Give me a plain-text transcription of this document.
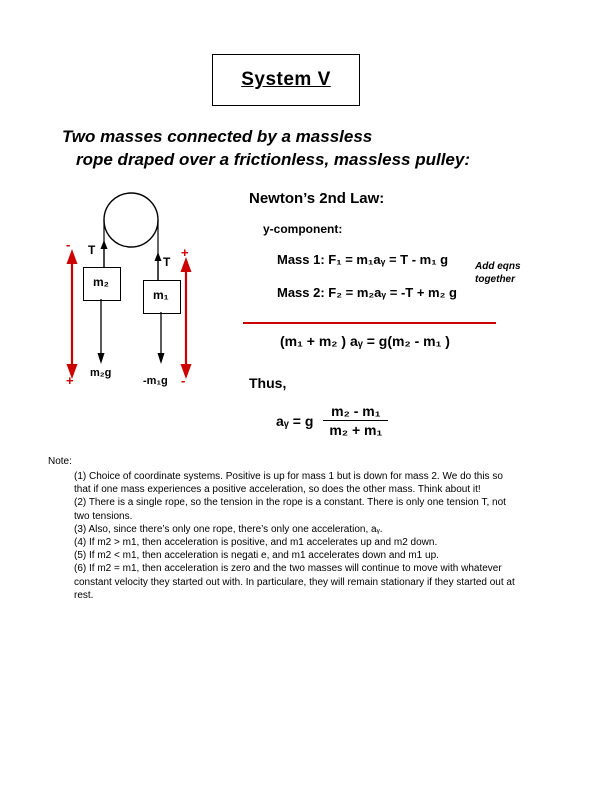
System V
Two masses connected by a massless
rope draped over a frictionless, massless pulley:
Newton’s 2nd Law:
y-component:
Mass 1: F₁ = m₁aᵧ = T - m₁ g
Mass 2: F₂ = m₂aᵧ = -T + m₂ g
Add eqns
together
(m₁ + m₂ ) aᵧ = g(m₂ - m₁ )
Thus,
aᵧ = g $\frac{\text{m₂ - m₁}}{\text{m₂ + m₁}}$
m₂
m₁
T
T
m₂g
-m₁g
-
+
+
-
Note:

(1) Choice of coordinate systems. Positive is up for mass 1 but is down for mass 2. We do this so that if one mass experiences a positive acceleration, so does the other mass. Think about it!

(2) There is a single rope, so the tension in the rope is a constant. There is only one tension T, not two tensions.

(3) Also, since there’s only one rope, there’s only one acceleration, aᵧ.

(4) If m2 > m1, then acceleration is positive, and m1 accelerates up and m2 down.

(5) If m2 < m1, then acceleration is negati e, and m1 accelerates down and m1 up.

(6) If m2 = m1, then acceleration is zero and the two masses will continue to move with whatever constant velocity they started out with. In particulare, they will remain stationary if they started out at rest.
